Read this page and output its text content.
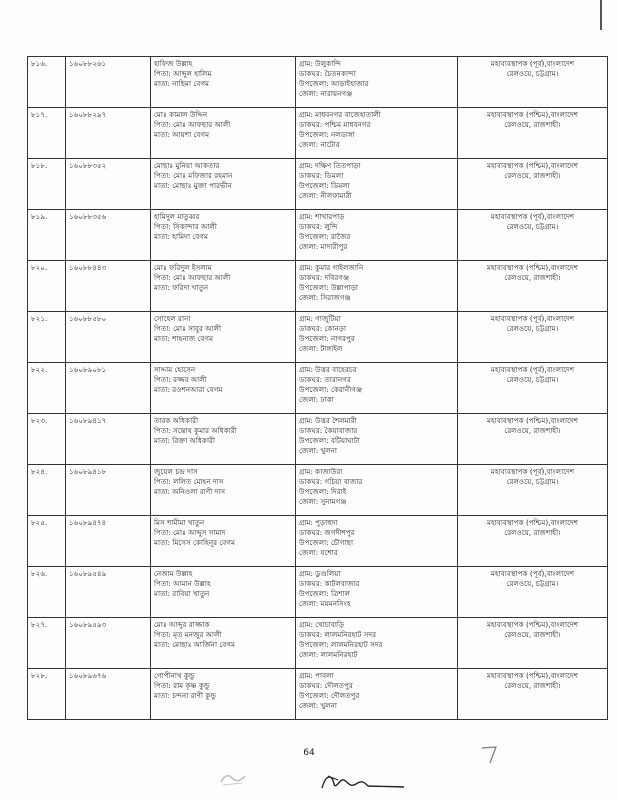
৮১৬.	১৬০৮৮২৬১	হাফিজ উল্লাহ
পিতা: আব্দুল হালিম
মাতা: নাছিমা বেগম	গ্রাম: উলুকান্দি
ডাকঘর: চৈতনকান্দা
উপজেলা: আড়াইহাজার
জেলা: নারায়নগঞ্জ	মহাব্যবস্থাপক (পূর্ব),বাংলাদেশ
রেলওয়ে, চট্টগ্রাম।

৮১৭.	১৬০৮৮২৯৭	মোঃ কামাল উদ্দিন
পিতা: মোঃ আফছার আলী
মাতা: আয়শা বেগম	গ্রাম: মাধবনগর বাজেহাতালী
ডাকঘর: পশ্চিম মাধবনগর
উপজেলা: নলডাঙ্গা
জেলা: নাটোর	মহাব্যবস্থাপক (পশ্চিম),বাংলাদেশ
রেলওয়ে, রাজশাহী।

৮১৮.	১৬০৮৮৩৫২	মোছাঃ মুনিয়া আকতার
পিতা: মোঃ মফিজার রহমান
মাতা: মোছাঃ মুক্তা পারভীন	গ্রাম: দক্ষিণ তিতপাড়া
ডাকঘর: ডিমলা
উপজেলা: ডিমলা
জেলা: নীলফামারী	মহাব্যবস্থাপক (পশ্চিম),বাংলাদেশ
রেলওয়ে, রাজশাহী।

৮১৯.	১৬০৮৮৩৫৬	হামিদুল মাতুব্বর
পিতা: সিকান্দার আলী
মাতা: হামিদা বেগম	গ্রাম: শাখারপাড়
ডাকঘর: লুন্দি
উপজেলা: রাজৈর
জেলা: মাদারীপুর	মহাব্যবস্থাপক (পূর্ব),বাংলাদেশ
রেলওয়ে, চট্টগ্রাম।

৮২০.	১৬০৮৮৪৪৩	মোঃ ফরিদুল ইসলাম
পিতা: মোঃ আফছার আলী
মাতা: ফরিদা খাতুন	গ্রাম: কুমার গাইলজানি
ডাকঘর: দবিরগঞ্জ
উপজেলা: উল্লাপাড়া
জেলা: সিরাজগঞ্জ	মহাব্যবস্থাপক (পশ্চিম),বাংলাদেশ
রেলওয়ে, রাজশাহী।

৮২১.	১৬০৮৮৫৮০	সোহেল রানা
পিতা: মোঃ সাবুর আলী
মাতা: শাহনাজ বেগম	গ্রাম: গাজুটিয়া
ডাকঘর: কোনড়া
উপজেলা: নাগরপুর
জেলা: টাঙ্গাইল	মহাব্যবস্থাপক (পূর্ব),বাংলাদেশ
রেলওয়ে, চট্টগ্রাম।

৮২২.	১৬০৮৯০৮১	সাদ্দাম হোসেন
পিতা: রজ্জব আলী
মাতা: রওশনআরা বেগম	গ্রাম: উত্তর বাহেরচর
ডাকঘর: তারানগর
উপজেলা: কেরানীগঞ্জ
জেলা: ঢাকা	মহাব্যবস্থাপক (পূর্ব),বাংলাদেশ
রেলওয়ে, চট্টগ্রাম।

৮২৩.	১৬০৮৯৪১৭	তারক অধিকারী
পিতা: সন্তোষ কুমার অধিকারী
মাতা: রিক্তা অধিকারী	গ্রাম: উত্তর শৈলমারী
ডাকঘর: কৈয়াবাজার
উপজেলা: বটিয়াঘাটা
জেলা: খুলনা	মহাব্যবস্থাপক (পশ্চিম),বাংলাদেশ
রেলওয়ে, রাজশাহী।

৮২৪.	১৬০৮৯৪১৮	জুয়েল চন্দ্র দাস
পিতা: ললিত মোহন দাস
মাতা: অনিওলা রাণী দাস	গ্রাম: কাজাউরা
ডাকঘর: গচিয়া বাজার
উপজেলা: দিরাই
জেলা: সুনামগঞ্জ	মহাব্যবস্থাপক (পূর্ব),বাংলাদেশ
রেলওয়ে, চট্টগ্রাম।

৮২৫.	১৬০৮৯৪৭৪	মিস শামীমা খাতুন
পিতা: মোঃ আব্দুস সামাদ
মাতা: মিসেস কোহিনূর বেগম	গ্রাম: পুড়াহুদা
ডাকঘর: জগদীশপুর
উপজেলা: চৌগাছা
জেলা: যশোর	মহাব্যবস্থাপক (পশ্চিম),বাংলাদেশ
রেলওয়ে, রাজশাহী।

৮২৬.	১৬০৮৯৫৪৯	নেজাম উল্লাহ
পিতা: আমান উল্লাহ
মাতা: রাবিয়া খাতুন	গ্রাম: ডুগুলিয়া
ডাকঘর: কাটলবাজার
উপজেলা: ত্রিশাল
জেলা: ময়মনসিংহ	মহাব্যবস্থাপক (পূর্ব),বাংলাদেশ
রেলওয়ে, চট্টগ্রাম।

৮২৭.	১৬০৮৯৫৯৩	মোঃ আব্দুর রাজ্জাক
পিতা: মৃত মনজুর আলী
মাতা: মোছাঃ আর্জিনা বেগম	গ্রাম: খোচাবাড়ি
ডাকঘর: লালমনিরহাট সদর
উপজেলা: লালমনিরহাট সদর
জেলা: লালমনিরহাট	মহাব্যবস্থাপক (পশ্চিম),বাংলাদেশ
রেলওয়ে, রাজশাহী।

৮২৮.	১৬০৮৯৬৭৬	গোপীনাথ কুন্ডু
পিতা: রাম কৃষ্ণ কুন্ডু
মাতা: চন্দনা রাণী কুন্ডু	গ্রাম: পাবলা
ডাকঘর: দৌলতপুর
উপজেলা: দৌলতপুর
জেলা: খুলনা	মহাব্যবস্থাপক (পশ্চিম),বাংলাদেশ
রেলওয়ে, রাজশাহী।
64
